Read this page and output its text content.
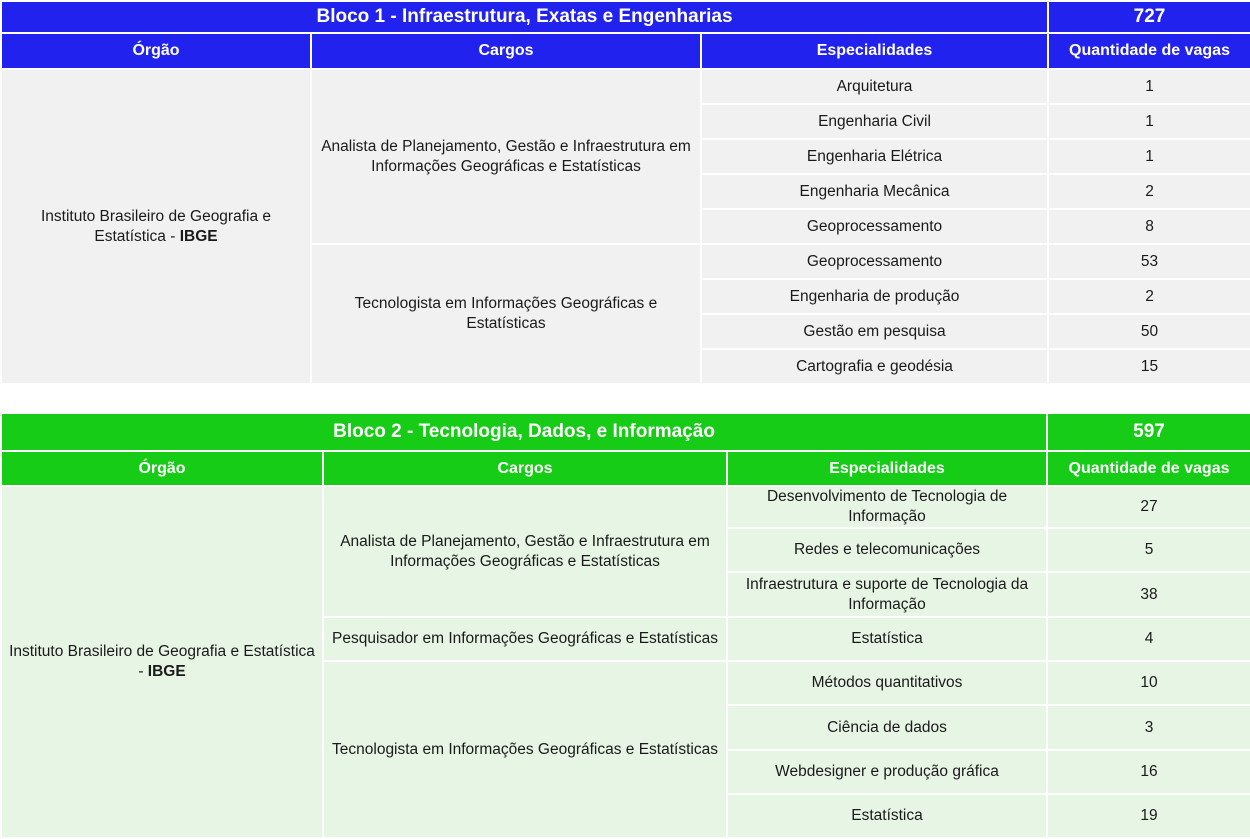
Bloco 1 - Infraestrutura, Exatas e Engenharias			727
Órgão	Cargos	Especialidades	Quantidade de vagas
Instituto Brasileiro de Geografia e Estatística - IBGE	Analista de Planejamento, Gestão e Infraestrutura em Informações Geográficas e Estatísticas	Arquitetura	1
		Engenharia Civil	1
		Engenharia Elétrica	1
		Engenharia Mecânica	2
		Geoprocessamento	8
	Tecnologista em Informações Geográficas e Estatísticas	Geoprocessamento	53
		Engenharia de produção	2
		Gestão em pesquisa	50
		Cartografia e geodésia	15
Bloco 2 - Tecnologia, Dados, e Informação			597
Órgão	Cargos	Especialidades	Quantidade de vagas
Instituto Brasileiro de Geografia e Estatística - IBGE	Analista de Planejamento, Gestão e Infraestrutura em Informações Geográficas e Estatísticas	Desenvolvimento de Tecnologia de Informação	27
		Redes e telecomunicações	5
		Infraestrutura e suporte de Tecnologia da Informação	38
	Pesquisador em Informações Geográficas e Estatísticas	Estatística	4
	Tecnologista em Informações Geográficas e Estatísticas	Métodos quantitativos	10
		Ciência de dados	3
		Webdesigner e produção gráfica	16
		Estatística	19
